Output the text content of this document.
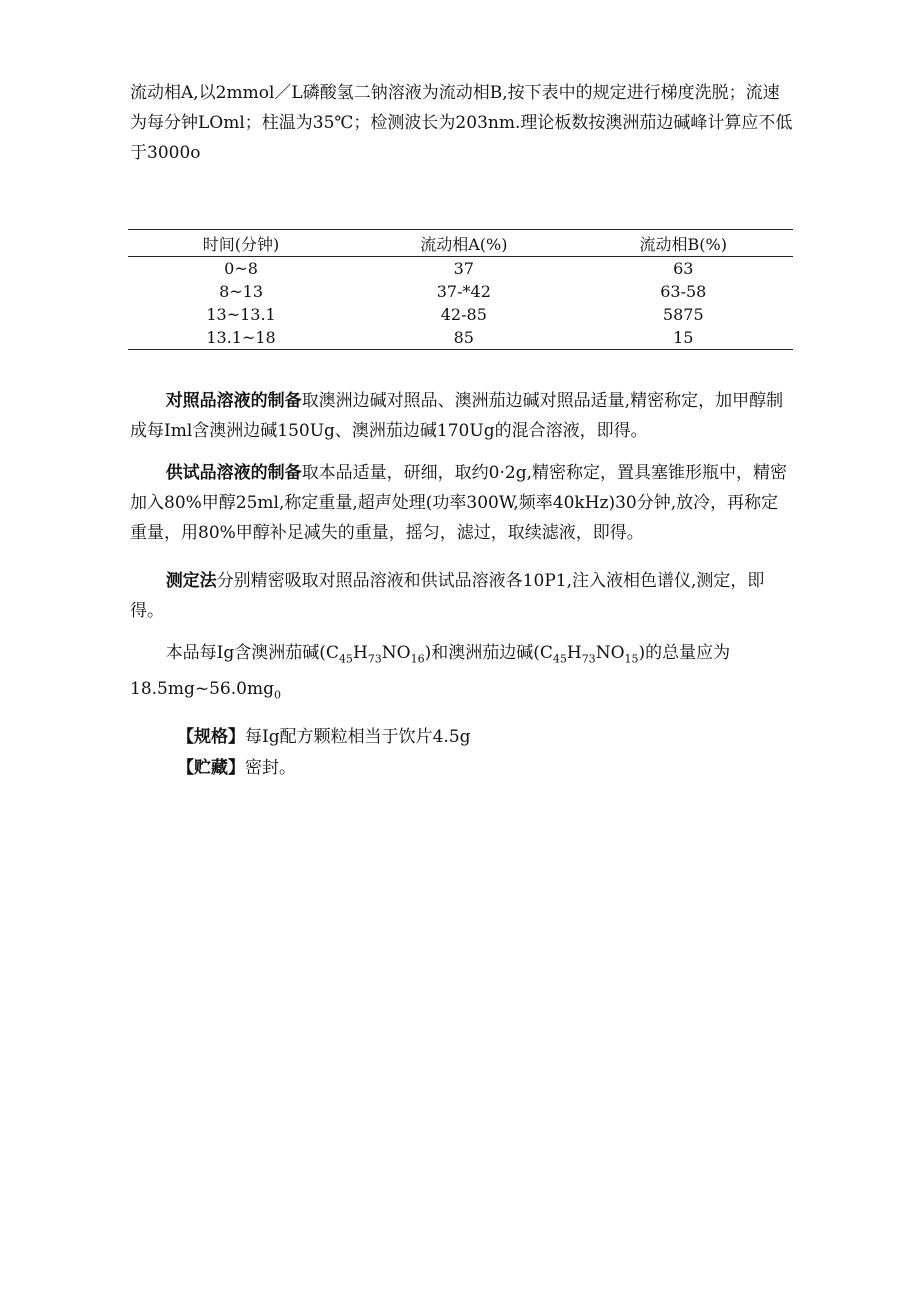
流动相A,以2mmol／L磷酸氢二钠溶液为流动相B,按下表中的规定进行梯度洗脱；流速为每分钟LOml；柱温为35℃；检测波长为203nm.理论板数按澳洲茄边碱峰计算应不低于3000o

时间(分钟)	流动相A(%)	流动相B(%)
0~8	37	63
8~13	37-*42	63-58
13~13.1	42-85	5875
13.1~18	85	15

对照品溶液的制备取澳洲边碱对照品、澳洲茄边碱对照品适量,精密称定，加甲醇制成每Iml含澳洲边碱150Ug、澳洲茄边碱170Ug的混合溶液，即得。

供试品溶液的制备取本品适量，研细，取约0·2g,精密称定，置具塞锥形瓶中，精密加入80%甲醇25ml,称定重量,超声处理(功率300W,频率40kHz)30分钟,放冷，再称定重量，用80%甲醇补足减失的重量，摇匀，滤过，取续滤液，即得。

测定法分别精密吸取对照品溶液和供试品溶液各10P1,注入液相色谱仪,测定，即得。

本品每Ig含澳洲茄碱$(C_{45}H_{73}NO_{16})$和澳洲茄边碱$(C_{45}H_{73}NO_{15})$的总量应为$18.5mg\sim 56.0mg_0$

【规格】每Ig配方颗粒相当于饮片4.5g
【贮藏】密封。
